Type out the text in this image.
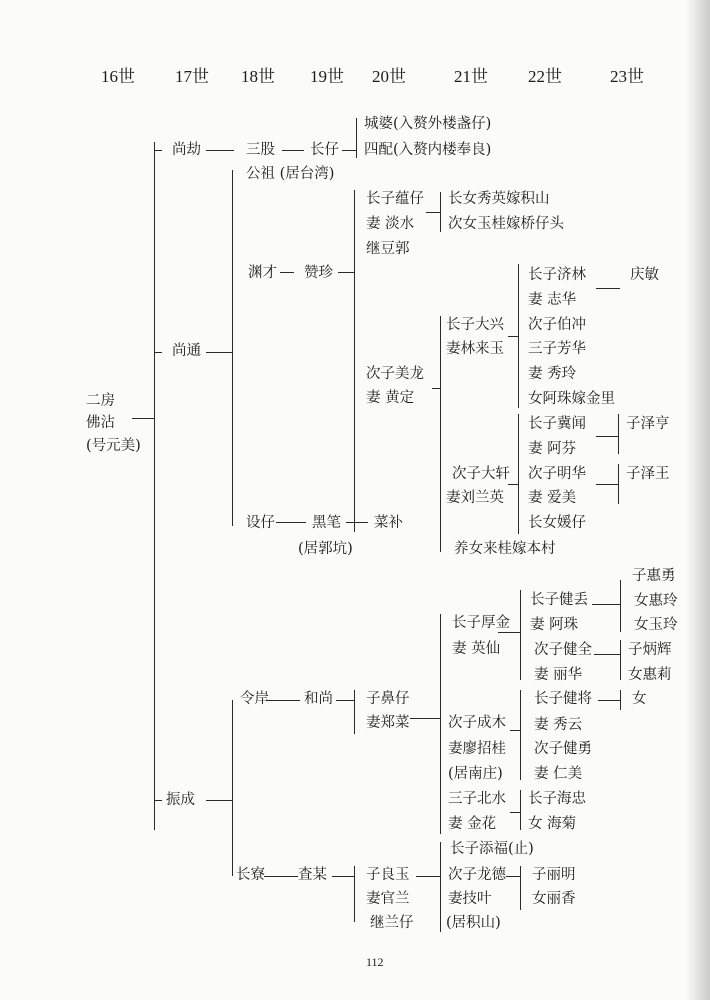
16世 17世 18世 19世 20世	21世 22世	23世
二房
佛沾
(号元美)
尚劫	三股 长仔
城婆(入赘外楼盏仔)
四配(入赘内楼奉良)
公祖 (居台湾)
尚通
渊才 赞珍
长子蕴仔
妻 淡水
继豆郭
长女秀英嫁积山
次女玉桂嫁桥仔头
次子美龙
妻 黄定
长子大兴
妻林来玉
长子济林
妻 志华
庆敏
次子伯冲
三子芳华
妻 秀玲
女阿珠嫁金里
次子大轩
妻刘兰英
长子冀闻
妻 阿芬
子泽亨
次子明华
妻 爱美
子泽王
长女媛仔
养女来桂嫁本村
设仔	黑笔 菜补
(居郭坑)
振成
令岸 和尚 子鼻仔
妻郑菜
长子厚金
妻 英仙
长子健丢
妻 阿珠
子惠勇
女惠玲
女玉玲
次子健全
妻 丽华
子炳辉
女惠莉
次子成木
妻廖招桂
(居南庄)
长子健将
妻 秀云
女
次子健勇
妻 仁美
三子北水
妻 金花
长子海忠
女 海菊
长寮 査某	子良玉
妻官兰
继兰仔
长子添福(止)
次子龙德
妻技叶
(居积山)
子丽明
女丽香
112
